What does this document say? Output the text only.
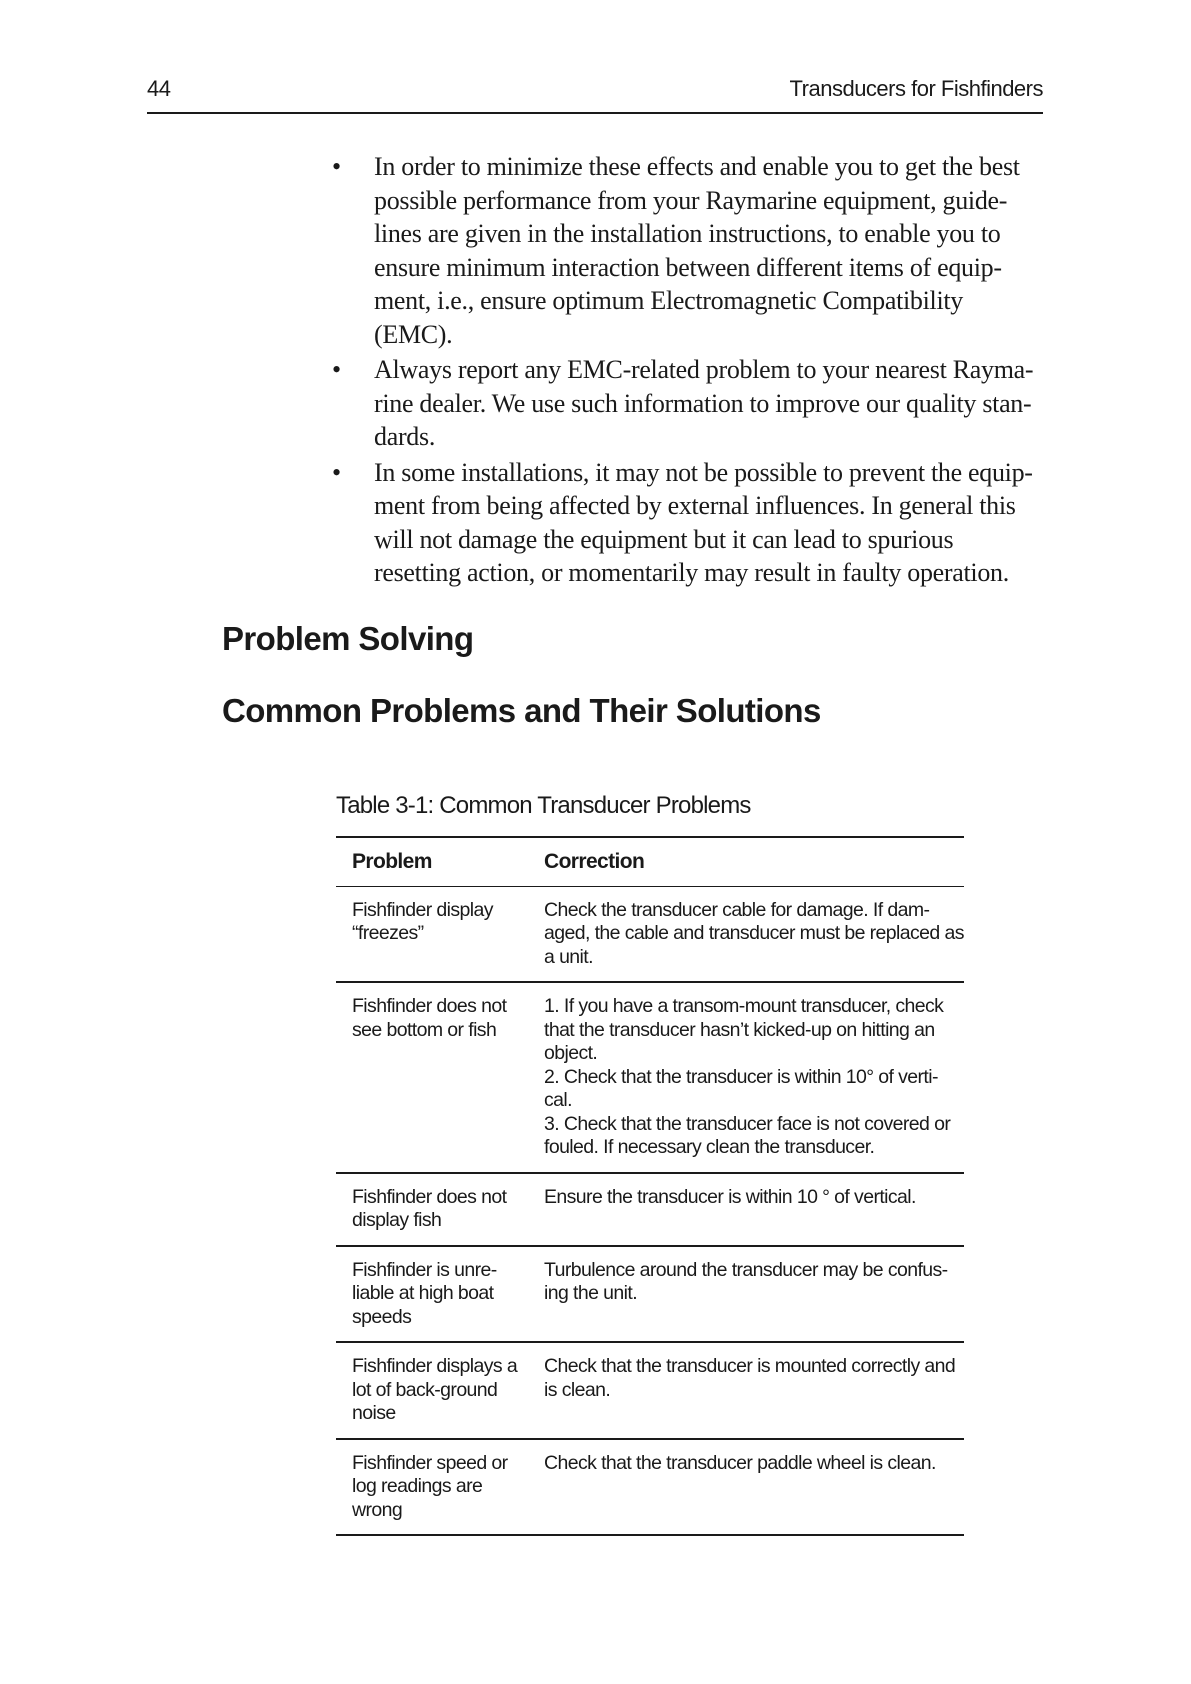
44	Transducers for Fishfinders
• In order to minimize these effects and enable you to get the best possible performance from your Raymarine equipment, guide-lines are given in the installation instructions, to enable you to ensure minimum interaction between different items of equip-ment, i.e., ensure optimum Electromagnetic Compatibility (EMC).
• Always report any EMC-related problem to your nearest Rayma-rine dealer. We use such information to improve our quality stan-dards.
• In some installations, it may not be possible to prevent the equip-ment from being affected by external influences. In general this will not damage the equipment but it can lead to spurious resetting action, or momentarily may result in faulty operation.
Problem Solving
Common Problems and Their Solutions
Table 3-1: Common Transducer Problems
Problem	Correction
Fishfinder display “freezes”	Check the transducer cable for damage. If dam-aged, the cable and transducer must be replaced as a unit.
Fishfinder does not see bottom or fish	1. If you have a transom-mount transducer, check that the transducer hasn’t kicked-up on hitting an object.
2. Check that the transducer is within 10° of verti-cal.
3. Check that the transducer face is not covered or fouled. If necessary clean the transducer.

Fishfinder does not display fish	Ensure the transducer is within 10 ° of vertical.
Fishfinder is unre-liable at high boat speeds	Turbulence around the transducer may be confus-ing the unit.
Fishfinder displays a lot of back-ground noise	Check that the transducer is mounted correctly and is clean.
Fishfinder speed or log readings are wrong	Check that the transducer paddle wheel is clean.
